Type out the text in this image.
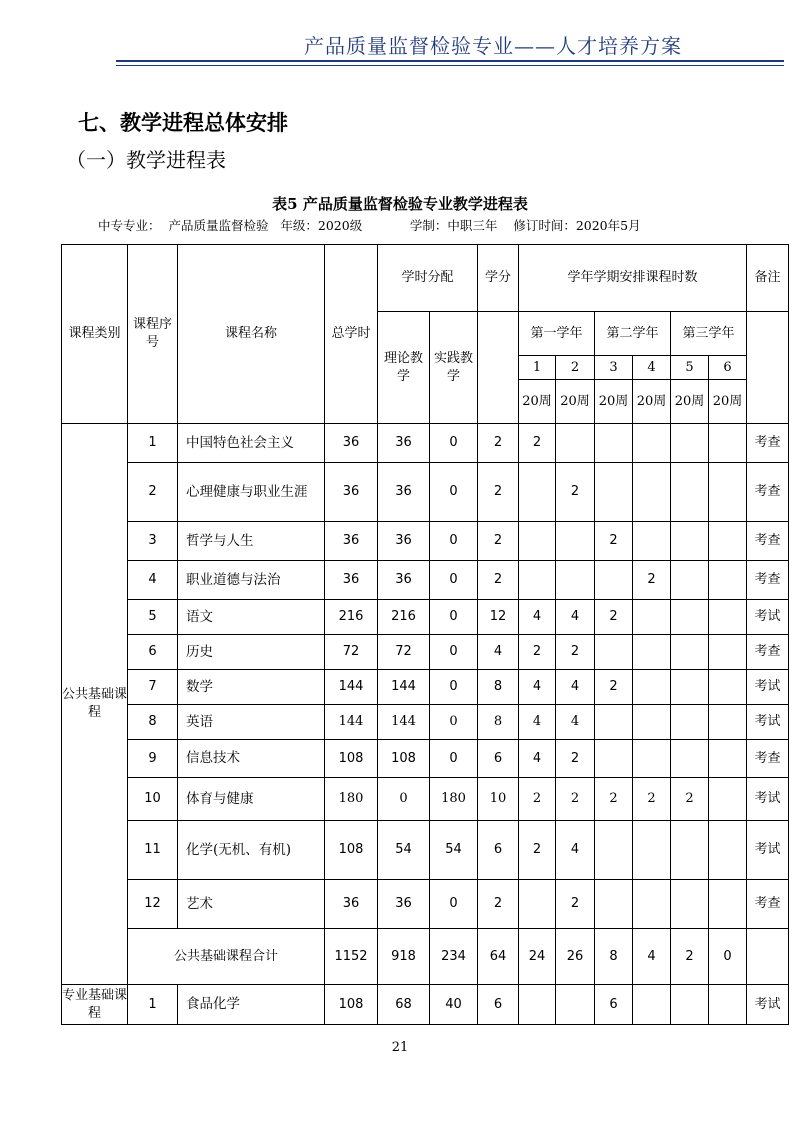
产品质量监督检验专业——人才培养方案
七、教学进程总体安排
（一）教学进程表
表5 产品质量监督检验专业教学进程表
中专专业： 产品质量监督检验 年级：2020级	学制：中职三年 修订时间：2020年5月
课程类别	课程序号	课程名称	总学时	学时分配		学分	学年学期安排课程时数						备注
				理论教学	实践教学		第一学年		第二学年		第三学年		
							1	2	3	4	5	6	
							20周	20周	20周	20周	20周	20周	
公共基础课程	1	中国特色社会主义	36	36	0	2	2						考查
	2	心理健康与职业生涯	36	36	0	2		2					考查
	3	哲学与人生	36	36	0	2			2				考查
	4	职业道德与法治	36	36	0	2				2			考查
	5	语文	216	216	0	12	4	4	2				考试
	6	历史	72	72	0	4	2	2					考查
	7	数学	144	144	0	8	4	4	2				考试
	8	英语	144	144	0	8	4	4					考试
	9	信息技术	108	108	0	6	4	2					考查
	10	体育与健康	180	0	180	10	2	2	2	2	2		考试
	11	化学(无机、有机)	108	54	54	6	2	4					考试
	12	艺术	36	36	0	2		2					考查
	公共基础课程合计		1152	918	234	64	24	26	8	4	2	0	
专业基础课程	1	食品化学	108	68	40	6			6				考试
21
